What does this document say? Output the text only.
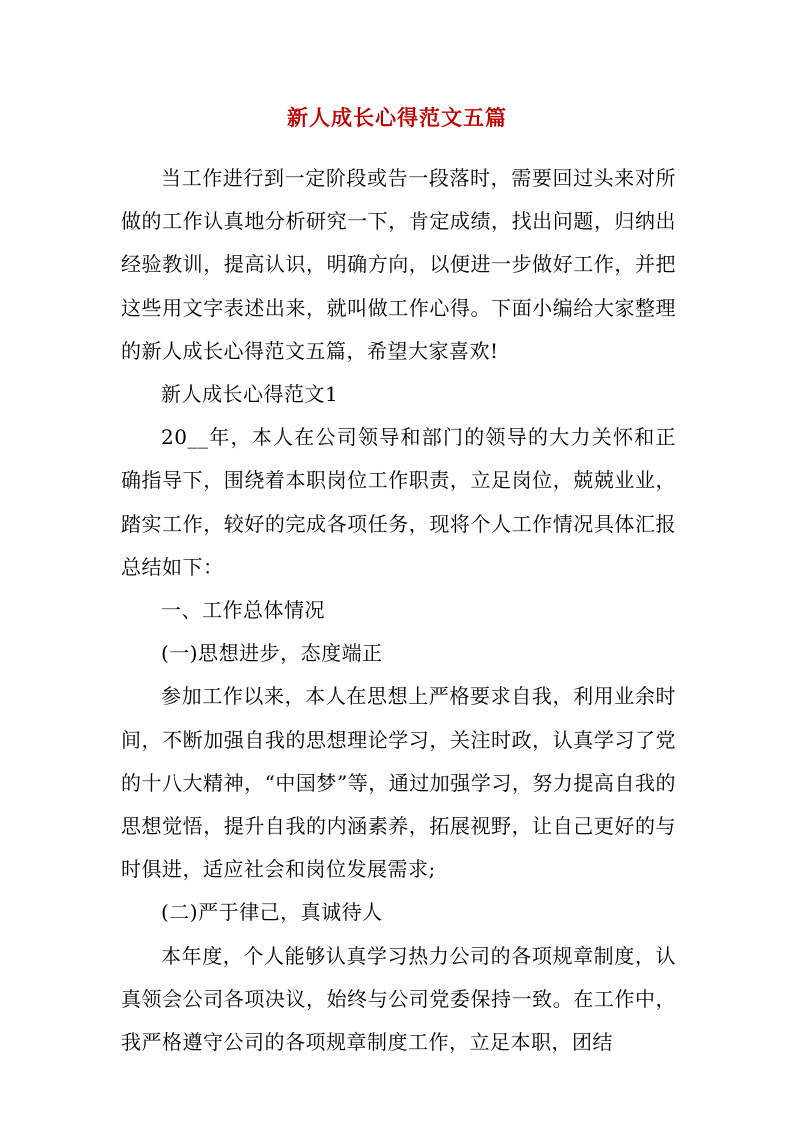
新人成长心得范文五篇

当工作进行到一定阶段或告一段落时，需要回过头来对所做的工作认真地分析研究一下，肯定成绩，找出问题，归纳出经验教训，提高认识，明确方向，以便进一步做好工作，并把这些用文字表述出来，就叫做工作心得。下面小编给大家整理的新人成长心得范文五篇，希望大家喜欢!

新人成长心得范文1

20__年，本人在公司领导和部门的领导的大力关怀和正确指导下，围绕着本职岗位工作职责，立足岗位，兢兢业业，踏实工作，较好的完成各项任务，现将个人工作情况具体汇报总结如下：

一、工作总体情况

(一)思想进步，态度端正

参加工作以来，本人在思想上严格要求自我，利用业余时间，不断加强自我的思想理论学习，关注时政，认真学习了党的十八大精神，“中国梦”等，通过加强学习，努力提高自我的思想觉悟，提升自我的内涵素养，拓展视野，让自己更好的与时俱进，适应社会和岗位发展需求;

(二)严于律己，真诚待人

本年度，个人能够认真学习热力公司的各项规章制度，认真领会公司各项决议，始终与公司党委保持一致。在工作中，我严格遵守公司的各项规章制度工作，立足本职，团结
